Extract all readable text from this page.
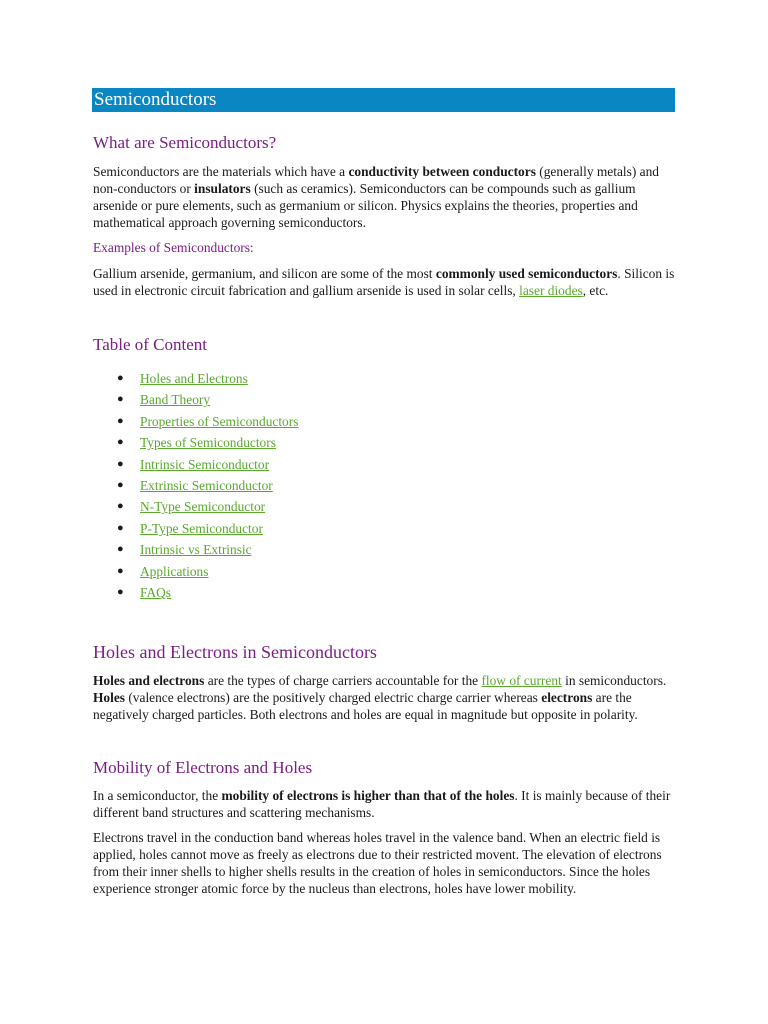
Semiconductors
What are Semiconductors?

Semiconductors are the materials which have a conductivity between conductors (generally metals) and non-conductors or insulators (such as ceramics). Semiconductors can be compounds such as gallium arsenide or pure elements, such as germanium or silicon. Physics explains the theories, properties and mathematical approach governing semiconductors.

Examples of Semiconductors:

Gallium arsenide, germanium, and silicon are some of the most commonly used semiconductors. Silicon is used in electronic circuit fabrication and gallium arsenide is used in solar cells, laser diodes, etc.

Table of Content
● Holes and Electrons
● Band Theory
● Properties of Semiconductors
● Types of Semiconductors
● Intrinsic Semiconductor
● Extrinsic Semiconductor
● N-Type Semiconductor
● P-Type Semiconductor
● Intrinsic vs Extrinsic
● Applications
● FAQs
Holes and Electrons in Semiconductors

Holes and electrons are the types of charge carriers accountable for the flow of current in semiconductors. Holes (valence electrons) are the positively charged electric charge carrier whereas electrons are the negatively charged particles. Both electrons and holes are equal in magnitude but opposite in polarity.

Mobility of Electrons and Holes

In a semiconductor, the mobility of electrons is higher than that of the holes. It is mainly because of their different band structures and scattering mechanisms.

Electrons travel in the conduction band whereas holes travel in the valence band. When an electric field is applied, holes cannot move as freely as electrons due to their restricted movent. The elevation of electrons from their inner shells to higher shells results in the creation of holes in semiconductors. Since the holes experience stronger atomic force by the nucleus than electrons, holes have lower mobility.
